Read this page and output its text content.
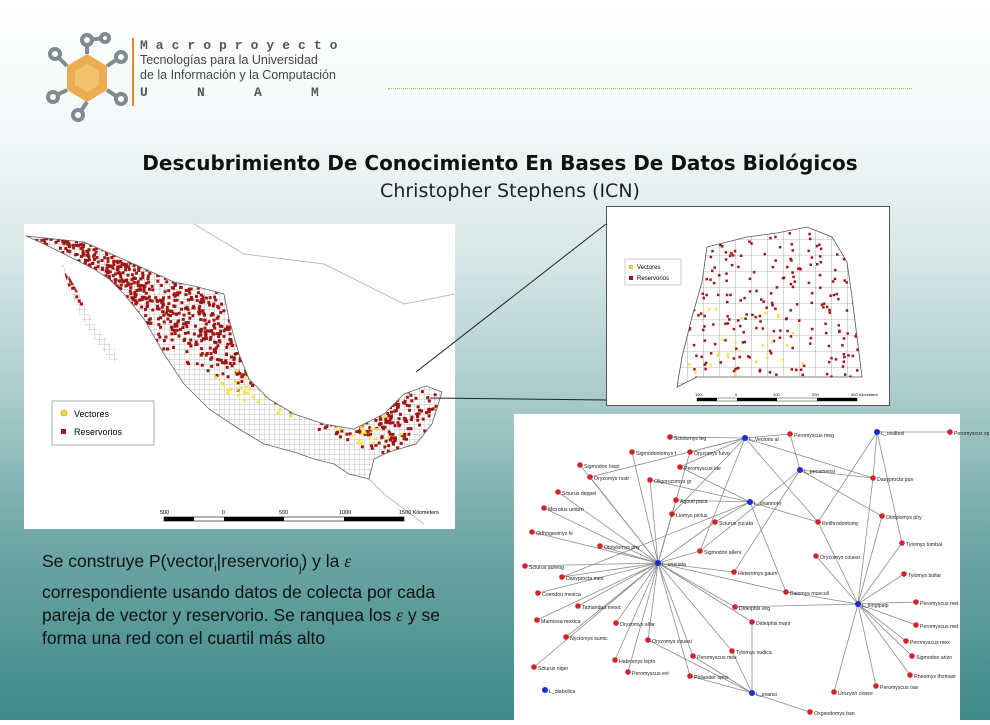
Macroproyecto
Tecnologías para la Universidad
de la Información y la Computación
U	N	A	M
Descubrimiento De Conocimiento En Bases De Datos Biológicos
Christopher Stephens (ICN)
Vectores
Reservorios
500	0	500	1000	1500 Kilometers
Vectores
Reservorios
100	0	100	200	300 Kilometers
Sciotomys leg	Peromyscus meg	Peromyscus sp
Sigmodontomys f	Oryzomys fulvo
Sigmodon hispi
Oryzomys rostr
Peromyscus ste
Oligoryzomys gr	Dasyprocta pun
Sciurus deppei
Agouti paca
Microtus umbro
Liomys pictus
Sciurus yucata	Reithrodontomy
Ototylomys phy
Orthogeomys hi
Ototylomys phy
Sigmodon alleni
Oryzomys couesi
Tylomys tumbal
Sciurus aureog
Dasyprocta mex
Heteromys gaum	Tylomys bullar
Coendou mexica	Baiomys musculi
Tamandua mexic	Didelphis virg
Peromyscus mel
Marmosa mexica	Oryzomys alfar	Didelphis mars	Peromyscus mel
Nyctomys sumic	Oryzomys couesi	Peromyscus mex
Tylomys nudica
Habromys lepto
Peromyscus mex	Sigmodon arizo
Sciurus niger
Peromyscus evi
Philander opos	Rheomys thomasi
Peromyscus oax
Urozyon cinere
Oxgeodomys ban
L_Vectoris al
L_ovallesi
L_pecamensi
L_shannoni
L_cruciata
L_longipalp
L_evansi
L_diabolica
Se construye P(vector$_i$|reservorio$_j$) y la ε correspondiente usando datos de colecta por cada pareja de vector y reservorio. Se ranquea los ε y se forma una red con el cuartil más alto
